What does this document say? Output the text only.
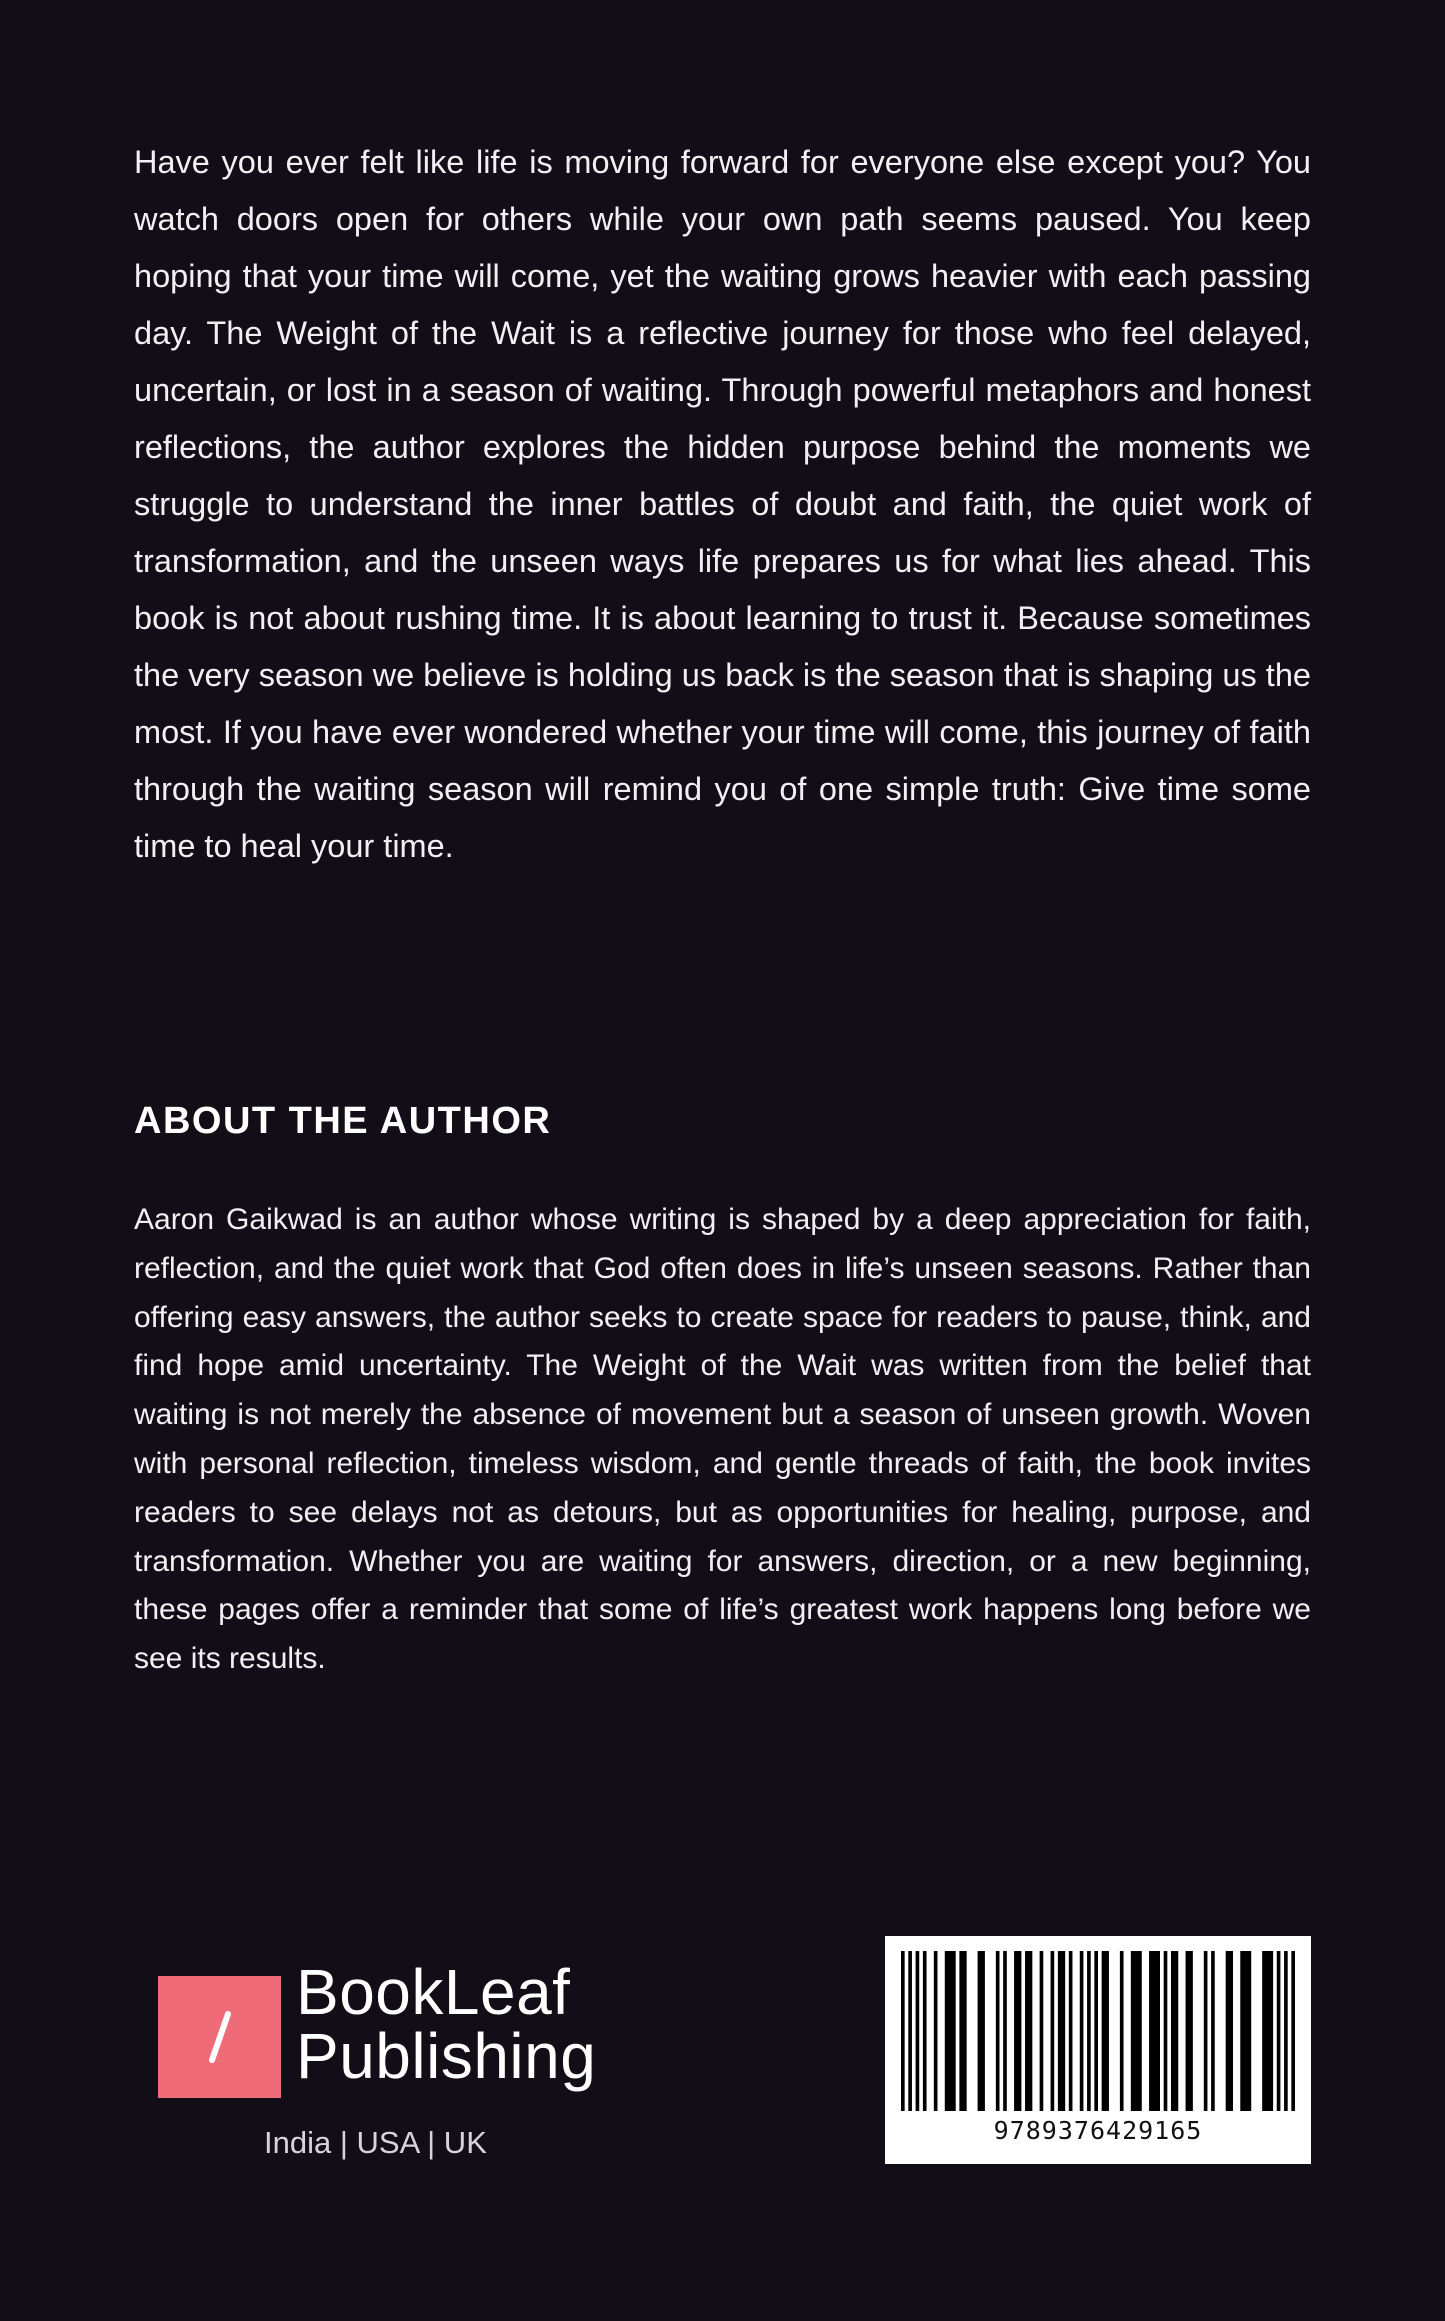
Have you ever felt like life is moving forward for everyone else except you? You watch doors open for others while your own path seems paused. You keep hoping that your time will come, yet the waiting grows heavier with each passing day. The Weight of the Wait is a reflective journey for those who feel delayed, uncertain, or lost in a season of waiting. Through powerful metaphors and honest reflections, the author explores the hidden purpose behind the moments we struggle to understand the inner battles of doubt and faith, the quiet work of transformation, and the unseen ways life prepares us for what lies ahead. This book is not about rushing time. It is about learning to trust it. Because sometimes the very season we believe is holding us back is the season that is shaping us the most. If you have ever wondered whether your time will come, this journey of faith through the waiting season will remind you of one simple truth: Give time some time to heal your time.

ABOUT THE AUTHOR

Aaron Gaikwad is an author whose writing is shaped by a deep appreciation for faith, reflection, and the quiet work that God often does in life’s unseen seasons. Rather than offering easy answers, the author seeks to create space for readers to pause, think, and find hope amid uncertainty. The Weight of the Wait was written from the belief that waiting is not merely the absence of movement but a season of unseen growth. Woven with personal reflection, timeless wisdom, and gentle threads of faith, the book invites readers to see delays not as detours, but as opportunities for healing, purpose, and transformation. Whether you are waiting for answers, direction, or a new beginning, these pages offer a reminder that some of life’s greatest work happens long before we see its results.

BookLeaf
Publishing
India | USA | UK	9789376429165
